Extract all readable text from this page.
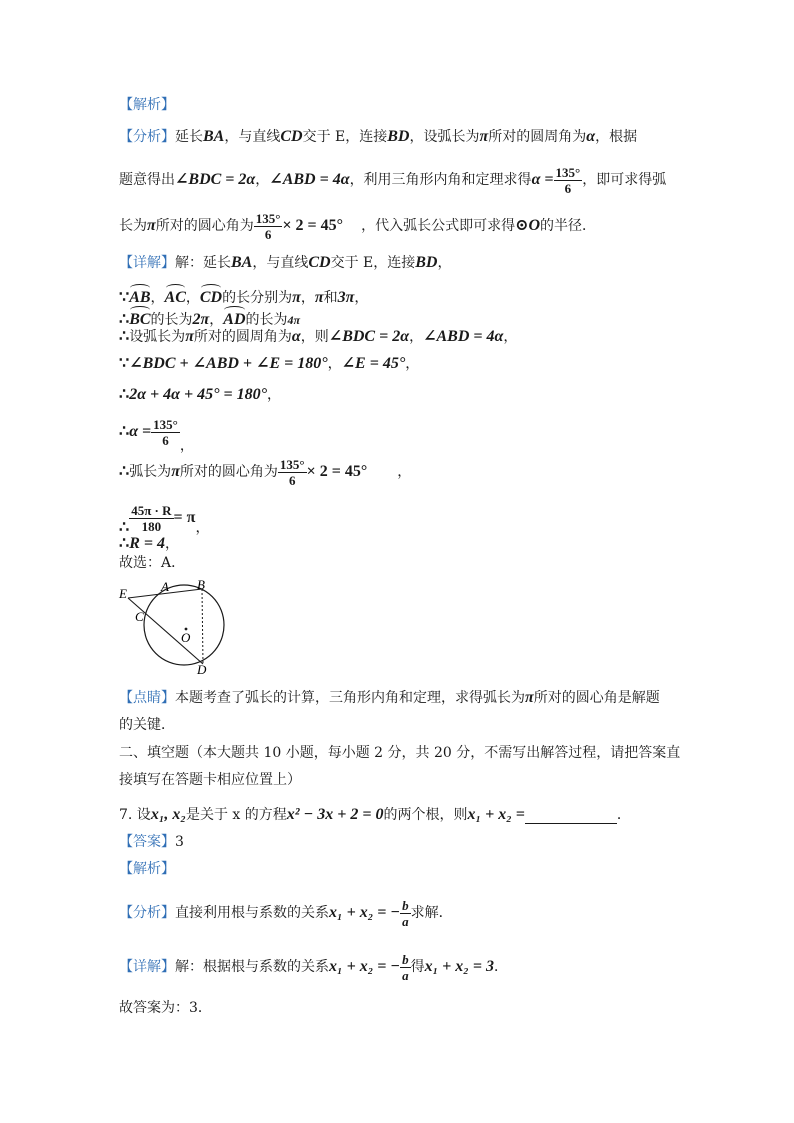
【解析】
【分析】延长BA，与直线CD交于 E，连接BD，设弧长为π所对的圆周角为α，根据
题意得出∠BDC = 2α，∠ABD = 4α，利用三角形内角和定理求得$\alpha = \frac{135^\circ}{6}$ ，即可求得弧
长为π所对的圆心角为 $\frac{135^\circ}{6} \times 2 = 45^\circ$ ，代入弧长公式即可求得⊙O的半径．
【详解】解：延长BA，与直线CD交于 E，连接BD，
∵AB，AC，CD的长分别为π，π和3π，
∴BC的长为2π，AD的长为4π
∴设弧长为π所对的圆周角为α，则∠BDC = 2α，∠ABD = 4α，
∵∠BDC + ∠ABD + ∠E = 180°，∠E = 45°，
∴2α + 4α + 45° = 180°，
∴α = $\frac{135^\circ}{6}$ ，
∴弧长为π所对的圆心角为 $\frac{135^\circ}{6} \times 2 = 45^\circ$ ，
∴ $\frac{45\pi \cdot R}{180} = \pi$，
∴R = 4，
故选：A．
E	A B
C
O
D
【点睛】本题考查了弧长的计算，三角形内角和定理，求得弧长为π所对的圆心角是解题
的关键．
二、填空题（本大题共 10 小题，每小题 2 分，共 20 分，不需写出解答过程，请把答案直
接填写在答题卡相应位置上）
7. 设x₁, x₂是关于 x 的方程x² − 3x + 2 = 0的两个根，则x₁ + x₂ =	．
【答案】3
【解析】
【分析】直接利用根与系数的关系x₁ + x₂ = − $\frac{b}{a}$ 求解．
【详解】解：根据根与系数的关系x₁ + x₂ = − $\frac{b}{a}$ 得x₁ + x₂ = 3．
故答案为：3．
